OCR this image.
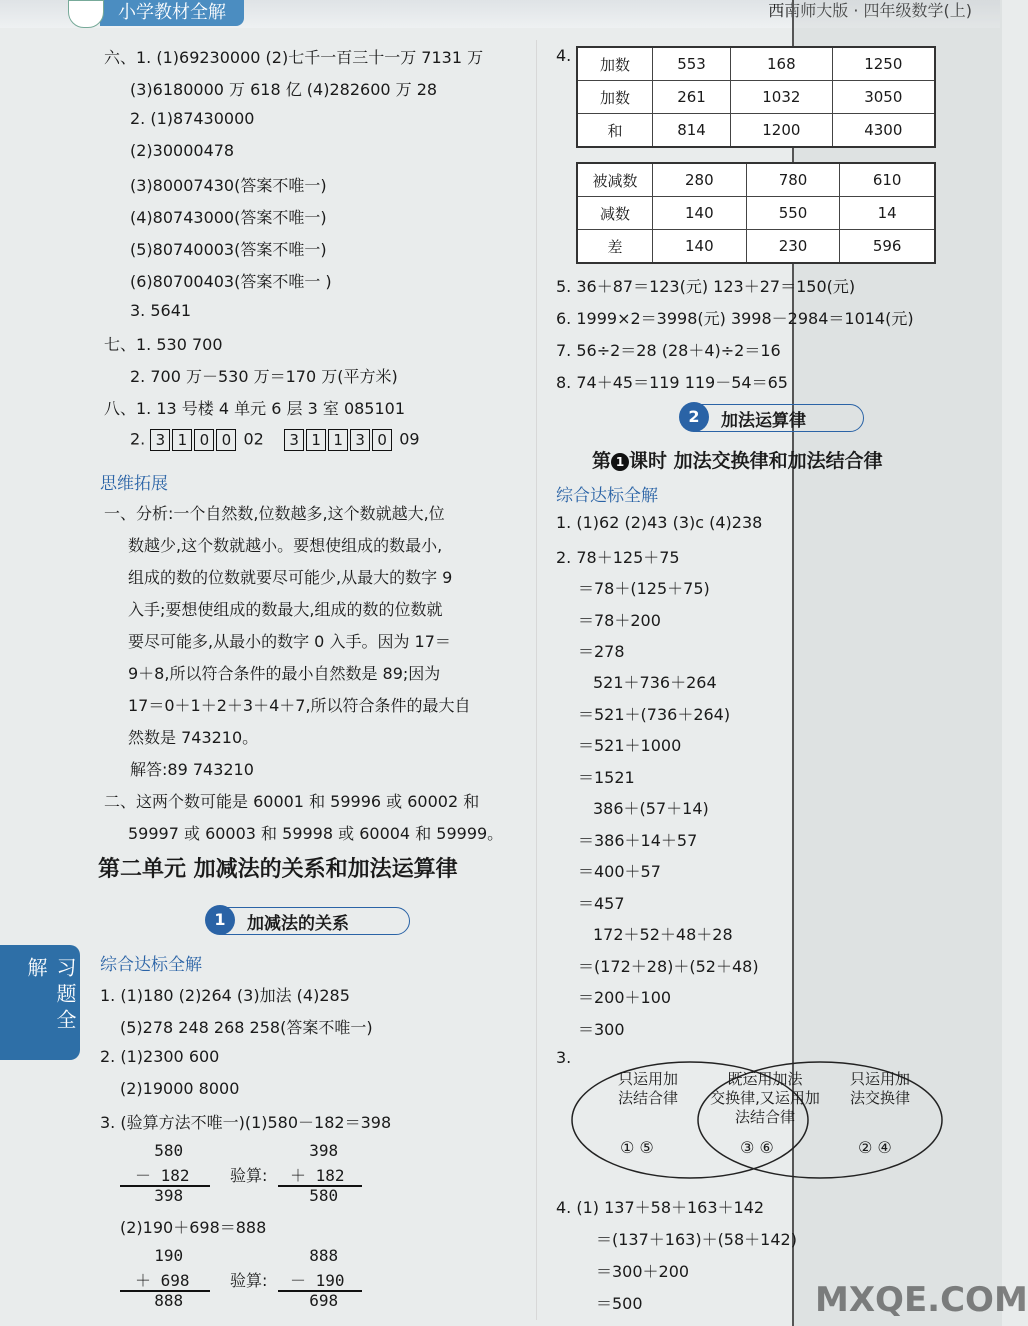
小学教材全解	西南师大版 · 四年级数学(上)
习题全解
六、1. (1)69230000 (2)七千一百三十一万 7131 万
(3)6180000 万 618 亿 (4)282600 万 28
2. (1)87430000
(2)30000478
(3)80007430(答案不唯一)
(4)80743000(答案不唯一)
(5)80740003(答案不唯一)
(6)80700403(答案不唯一 )
3. 5641
七、1. 530 700
2. 700 万－530 万＝170 万(平方米)
八、1. 13 号楼 4 单元 6 层 3 室 085101
2. 3 1 0 0 02	3 1 1 3 0 09
思维拓展
一、分析:一个自然数,位数越多,这个数就越大,位
数越少,这个数就越小。要想使组成的数最小,
组成的数的位数就要尽可能少,从最大的数字 9
入手;要想使组成的数最大,组成的数的位数就
要尽可能多,从最小的数字 0 入手。因为 17＝
9＋8,所以符合条件的最小自然数是 89;因为
17＝0＋1＋2＋3＋4＋7,所以符合条件的最大自
然数是 743210。
解答:89 743210
二、这两个数可能是 60001 和 59996 或 60002 和
59997 或 60003 和 59998 或 60004 和 59999。
第二单元 加减法的关系和加法运算律
1	加减法的关系
综合达标全解
1. (1)180 (2)264 (3)加法 (4)285
(5)278 248 268 258(答案不唯一)
2. (1)2300 600
(2)19000 8000
3. (验算方法不唯一)(1)580－182＝398
580
－ 182
398
验算:
398
＋ 182
580
(2)190＋698＝888
190
＋ 698
888
验算:
888
－ 190
698
4. 加数	553	168	1250
加数	261	1032	3050
和	814	1200	4300
被减数	280	780	610
减数	140	550	14
差	140	230	596
5. 36＋87＝123(元) 123＋27＝150(元)
6. 1999×2＝3998(元) 3998－2984＝1014(元)
7. 56÷2＝28 (28＋4)÷2＝16
8. 74＋45＝119 119－54＝65
2	加法运算律
第 1 课时 加法交换律和加法结合律
综合达标全解
1. (1)62 (2)43 (3)c (4)238
2. 78＋125＋75
＝78＋(125＋75)
＝78＋200
＝278
521＋736＋264
＝521＋(736＋264)
＝521＋1000
＝1521
386＋(57＋14)
＝386＋14＋57
＝400＋57
＝457
172＋52＋48＋28
＝(172＋28)＋(52＋48)
＝200＋100
＝300
3.
只运用加
法结合律
既运用加法
交换律,又运用加
法结合律
只运用加
法交换律
① ⑤	③ ⑥	② ④
4. (1) 137＋58＋163＋142
＝(137＋163)＋(58＋142)
＝300＋200
＝500	MXQE.COM
